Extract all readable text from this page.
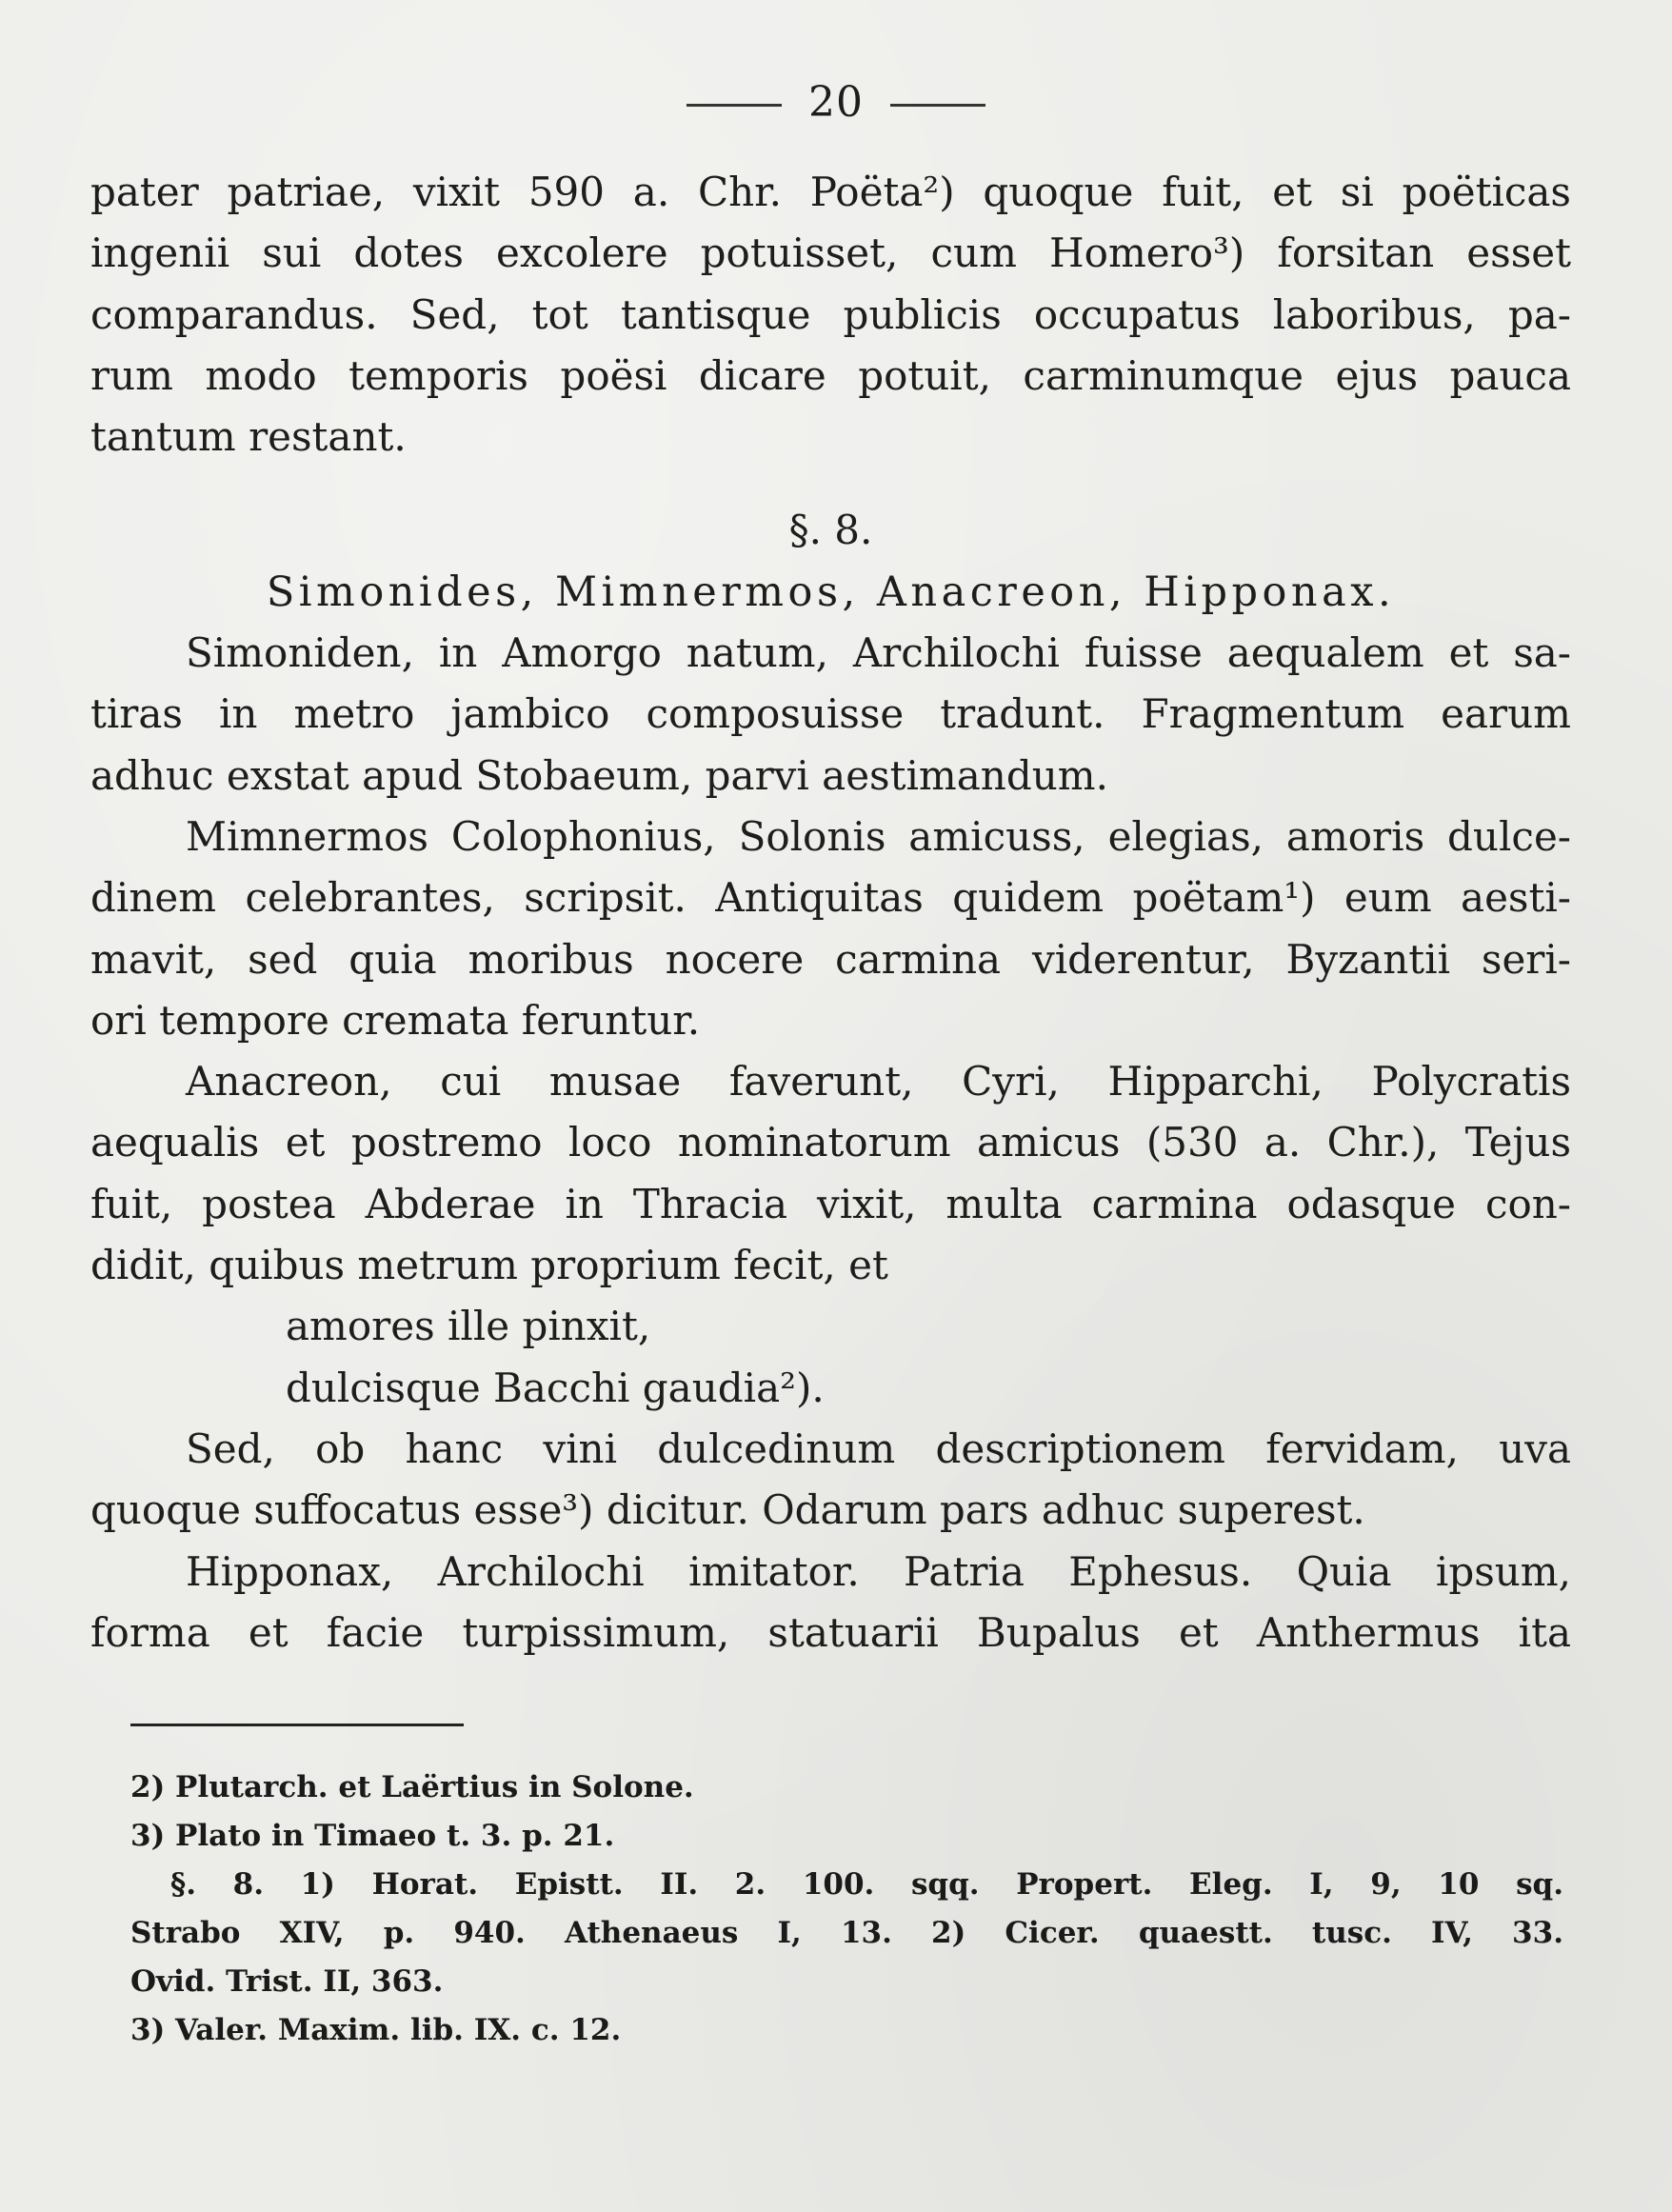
20
pater patriae, vixit 590 a. Chr. Poëta²) quoque fuit, et si poëticas
ingenii sui dotes excolere potuisset, cum Homero³) forsitan esset
comparandus. Sed, tot tantisque publicis occupatus laboribus, pa-
rum modo temporis poësi dicare potuit, carminumque ejus pauca
tantum restant.
§. 8.
Simonides, Mimnermos, Anacreon, Hipponax.
Simoniden, in Amorgo natum, Archilochi fuisse aequalem et sa-
tiras in metro jambico composuisse tradunt. Fragmentum earum
adhuc exstat apud Stobaeum, parvi aestimandum.
Mimnermos Colophonius, Solonis amicuss, elegias, amoris dulce-
dinem celebrantes, scripsit. Antiquitas quidem poëtam¹) eum aesti-
mavit, sed quia moribus nocere carmina viderentur, Byzantii seri-
ori tempore cremata feruntur.
Anacreon, cui musae faverunt, Cyri, Hipparchi, Polycratis
aequalis et postremo loco nominatorum amicus (530 a. Chr.), Tejus
fuit, postea Abderae in Thracia vixit, multa carmina odasque con-
didit, quibus metrum proprium fecit, et
amores ille pinxit,
dulcisque Bacchi gaudia²).
Sed, ob hanc vini dulcedinum descriptionem fervidam, uva
quoque suffocatus esse³) dicitur. Odarum pars adhuc superest.
Hipponax, Archilochi imitator. Patria Ephesus. Quia ipsum,
forma et facie turpissimum, statuarii Bupalus et Anthermus ita
2) Plutarch. et Laërtius in Solone.
3) Plato in Timaeo t. 3. p. 21.
§. 8. 1) Horat. Epistt. II. 2. 100. sqq. Propert. Eleg. I, 9, 10 sq.
Strabo XIV, p. 940. Athenaeus I, 13. 2) Cicer. quaestt. tusc. IV, 33.
Ovid. Trist. II, 363.
3) Valer. Maxim. lib. IX. c. 12.
